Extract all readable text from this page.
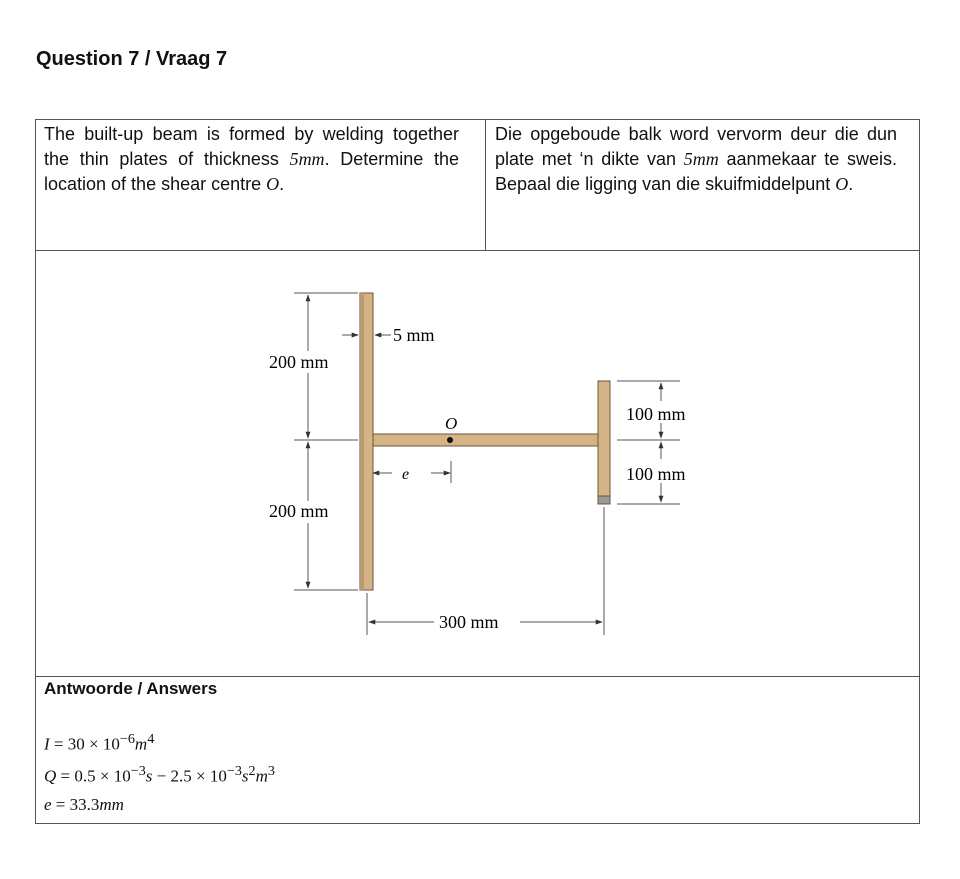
Question 7 / Vraag 7
The built-up beam is formed by welding together the thin plates of thickness 5mm. Determine the location of the shear centre O.
Die opgeboude balk word vervorm deur die dun plate met ‘n dikte van 5mm aanmekaar te sweis. Bepaal die ligging van die skuifmiddelpunt O.
O
e
5 mm
200 mm
200 mm
100 mm
100 mm
300 mm
Antwoorde / Answers
$I = 30 \times 10^{-6}m^4$
$Q = 0.5 \times 10^{-3}s - 2.5 \times 10^{-3}s^2m^3$
e = 33.3mm
